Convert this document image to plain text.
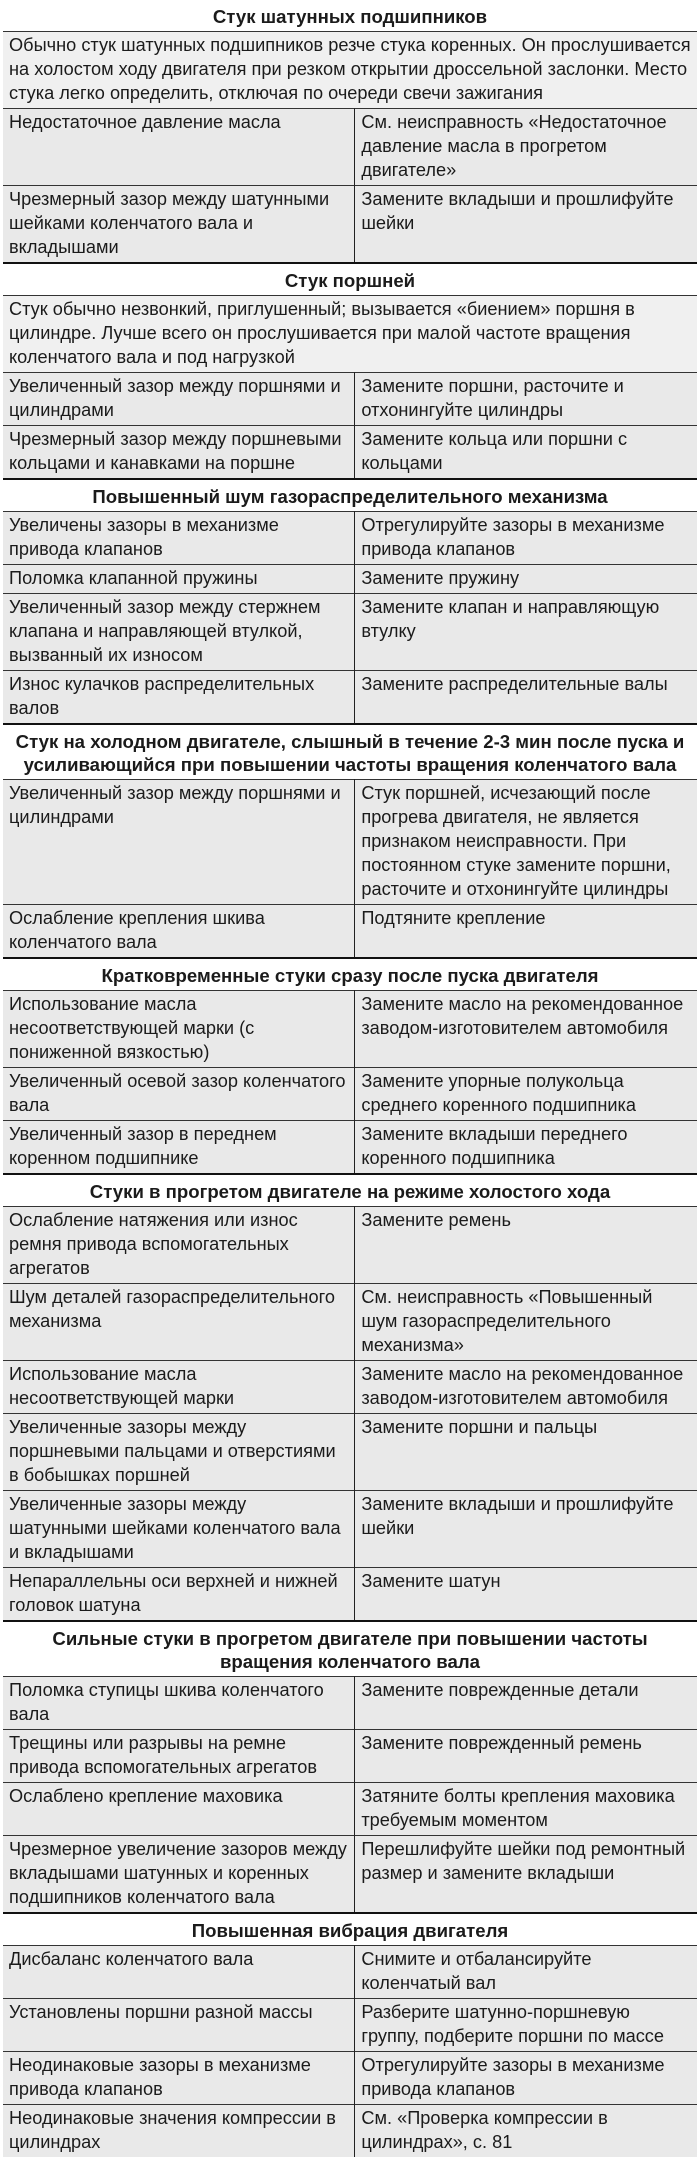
Стук шатунных подшипников	
Обычно стук шатунных подшипников резче стука коренных. Он прослушивается на холостом ходу двигателя при резком открытии дроссельной заслонки. Место стука легко определить, отключая по очереди свечи зажигания	
Недостаточное давление масла	См. неисправность «Недостаточное давление масла в прогретом двигателе»
Чрезмерный зазор между шатунными шейками коленчатого вала и вкладышами	Замените вкладыши и прошлифуйте шейки
Стук поршней	
Стук обычно незвонкий, приглушенный; вызывается «биением» поршня в цилиндре. Лучше всего он прослушивается при малой частоте вращения коленчатого вала и под нагрузкой	
Увеличенный зазор между поршнями и цилиндрами	Замените поршни, расточите и отхонингуйте цилиндры
Чрезмерный зазор между поршневыми кольцами и канавками на поршне	Замените кольца или поршни с кольцами
Повышенный шум газораспределительного механизма	
Увеличены зазоры в механизме привода клапанов	Отрегулируйте зазоры в механизме привода клапанов
Поломка клапанной пружины	Замените пружину
Увеличенный зазор между стержнем клапана и направляющей втулкой, вызванный их износом	Замените клапан и направляющую втулку
Износ кулачков распределительных валов	Замените распределительные валы
Стук на холодном двигателе, слышный в течение 2-3 мин после пуска и усиливающийся при повышении частоты вращения коленчатого вала	
Увеличенный зазор между поршнями и цилиндрами	Стук поршней, исчезающий после прогрева двигателя, не является признаком неисправности. При постоянном стуке замените поршни, расточите и отхонингуйте цилиндры
Ослабление крепления шкива коленчатого вала	Подтяните крепление
Кратковременные стуки сразу после пуска двигателя	
Использование масла несоответствующей марки (с пониженной вязкостью)	Замените масло на рекомендованное заводом-изготовителем автомобиля
Увеличенный осевой зазор коленчатого вала	Замените упорные полукольца среднего коренного подшипника
Увеличенный зазор в переднем коренном подшипнике	Замените вкладыши переднего коренного подшипника
Стуки в прогретом двигателе на режиме холостого хода	
Ослабление натяжения или износ ремня привода вспомогательных агрегатов	Замените ремень
Шум деталей газораспределительного механизма	См. неисправность «Повышенный шум газораспределительного механизма»
Использование масла несоответствующей марки	Замените масло на рекомендованное заводом-изготовителем автомобиля
Увеличенные зазоры между поршневыми пальцами и отверстиями в бобышках поршней	Замените поршни и пальцы
Увеличенные зазоры между шатунными шейками коленчатого вала и вкладышами	Замените вкладыши и прошлифуйте шейки
Непараллельны оси верхней и нижней головок шатуна	Замените шатун
Сильные стуки в прогретом двигателе при повышении частоты вращения коленчатого вала	
Поломка ступицы шкива коленчатого вала	Замените поврежденные детали
Трещины или разрывы на ремне привода вспомогательных агрегатов	Замените поврежденный ремень
Ослаблено крепление маховика	Затяните болты крепления маховика требуемым моментом
Чрезмерное увеличение зазоров между вкладышами шатунных и коренных подшипников коленчатого вала	Перешлифуйте шейки под ремонтный размер и замените вкладыши
Повышенная вибрация двигателя	
Дисбаланс коленчатого вала	Снимите и отбалансируйте коленчатый вал
Установлены поршни разной массы	Разберите шатунно-поршневую группу, подберите поршни по массе
Неодинаковые зазоры в механизме привода клапанов	Отрегулируйте зазоры в механизме привода клапанов
Неодинаковые значения компрессии в цилиндрах	См. «Проверка компрессии в цилиндрах», с. 81
